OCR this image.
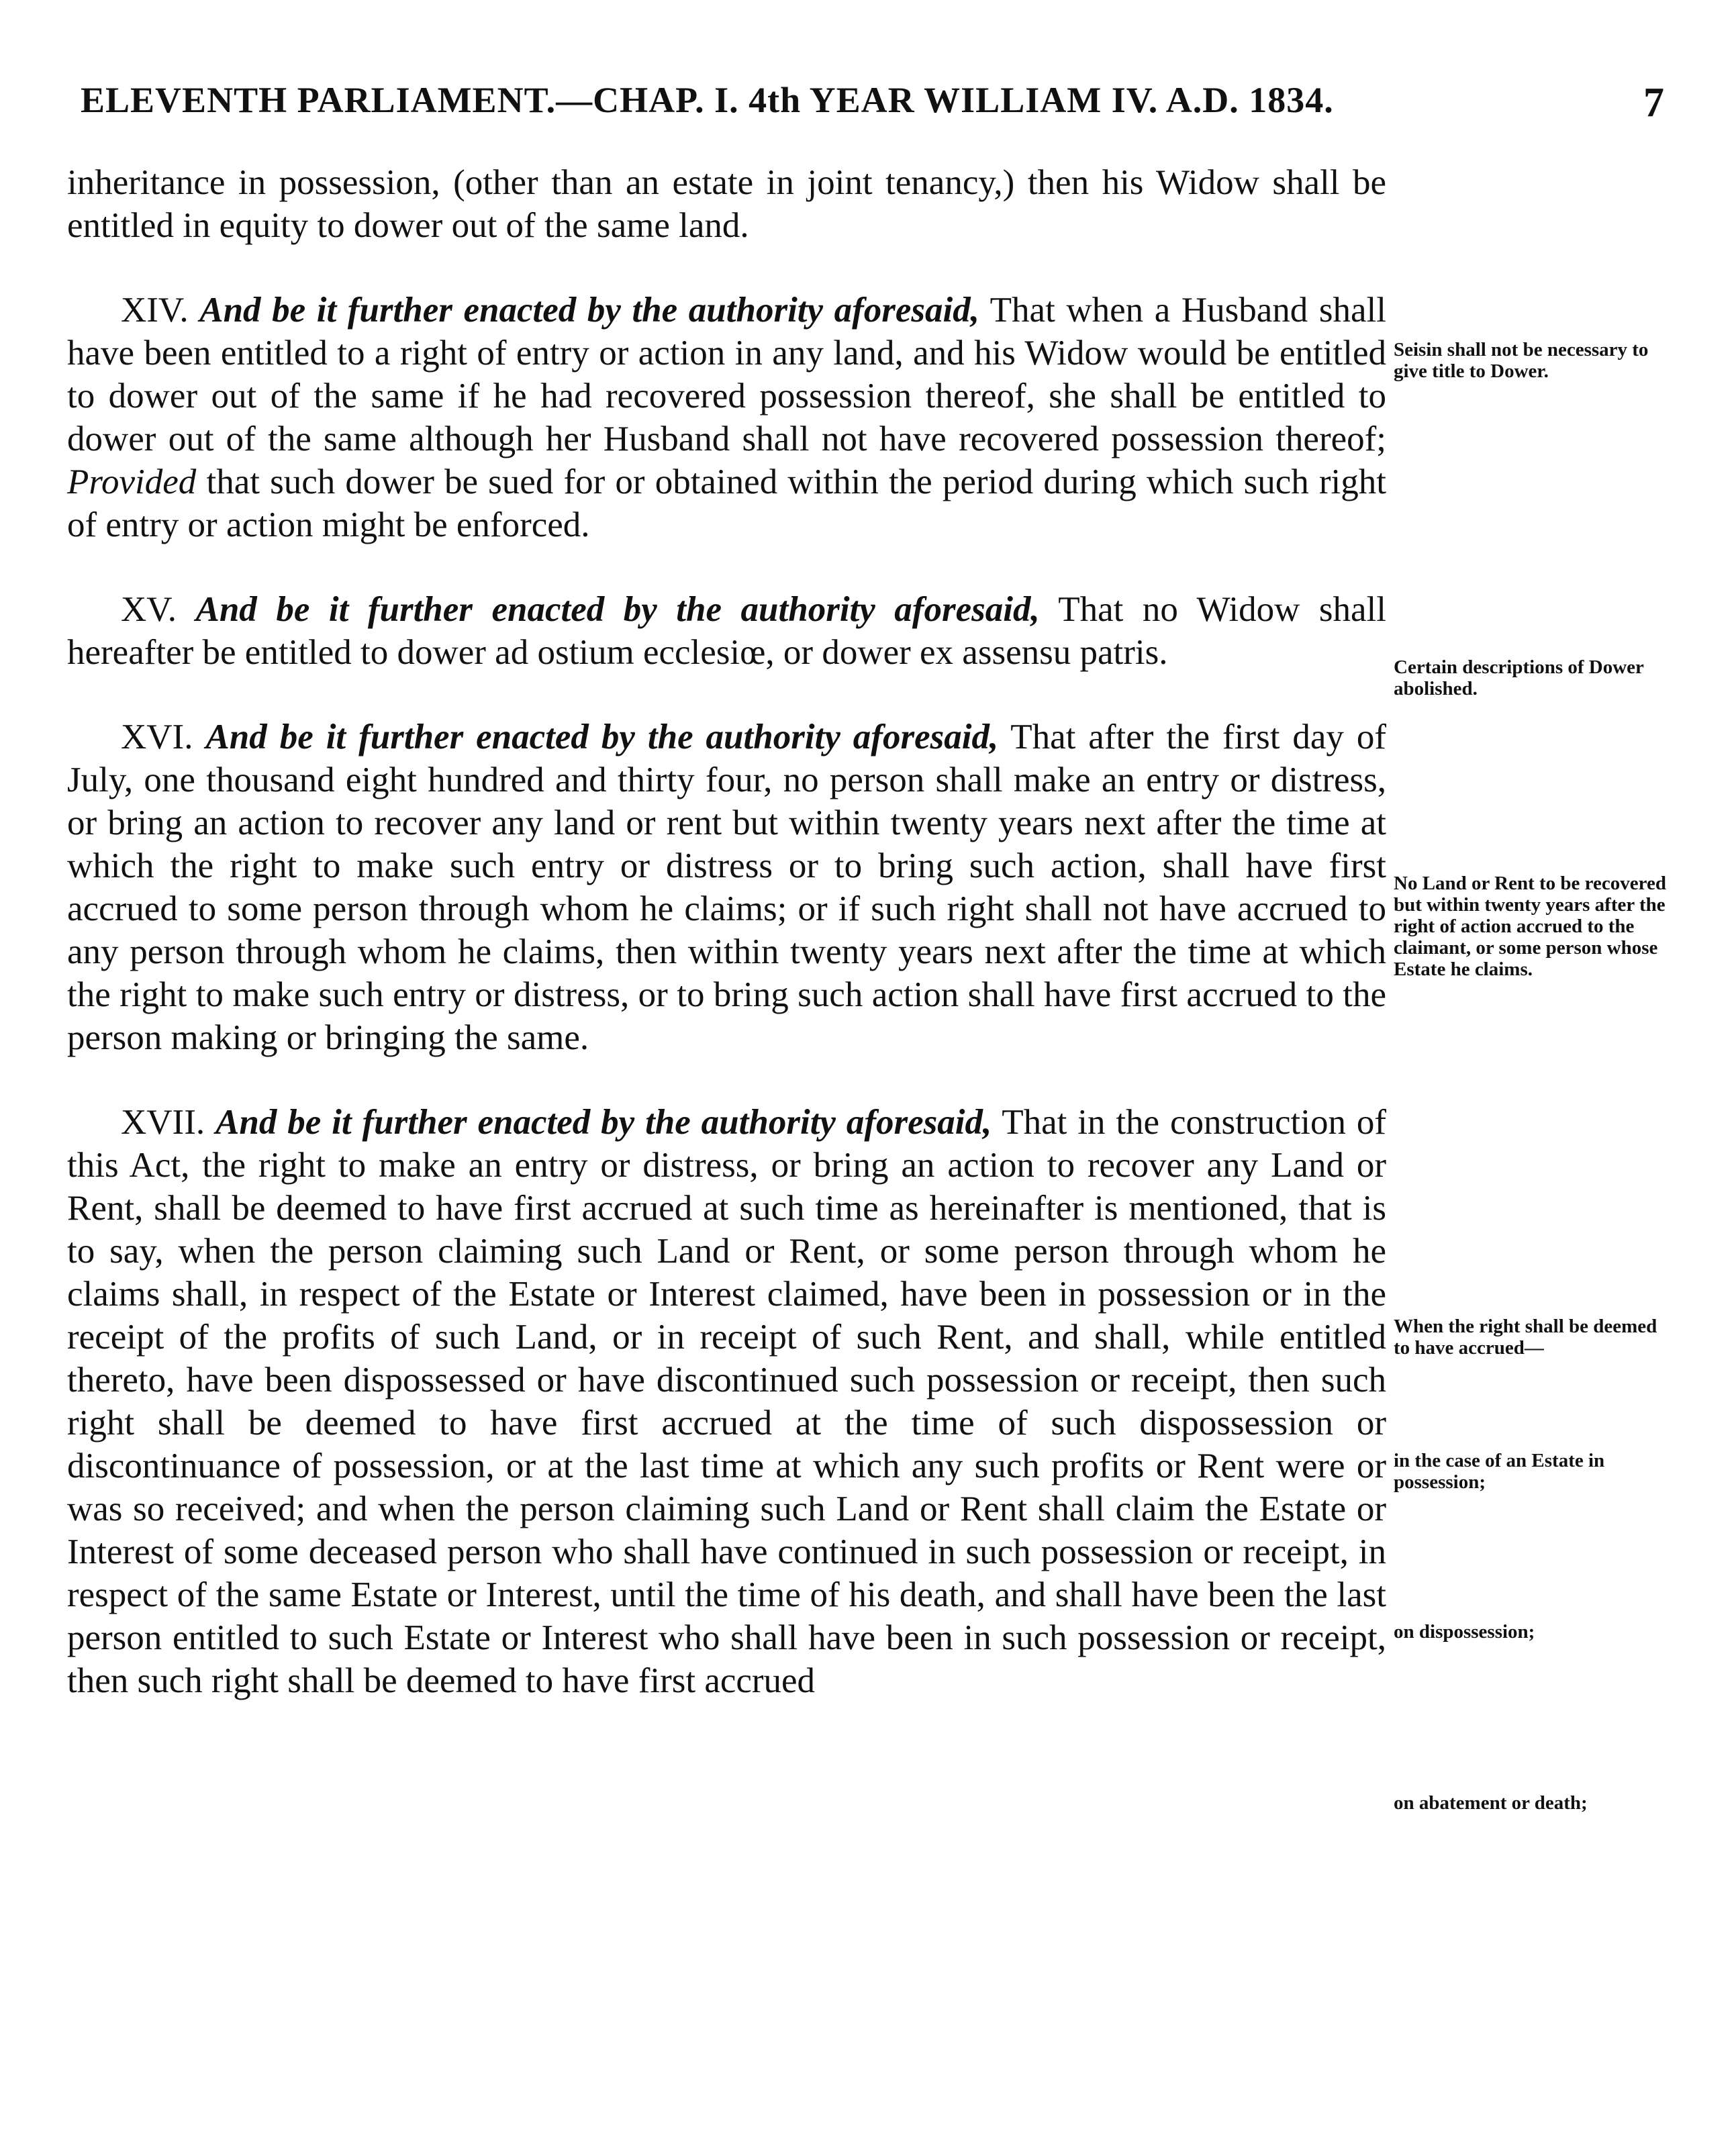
ELEVENTH PARLIAMENT.—CHAP. I. 4th YEAR WILLIAM IV. A.D. 1834.	7

inheritance in possession, (other than an estate in joint tenancy,) then his Widow shall be entitled in equity to dower out of the same land.

XIV. And be it further enacted by the authority aforesaid, That when a Husband shall have been entitled to a right of entry or action in any land, and his Widow would be entitled to dower out of the same if he had recovered possession thereof, she shall be entitled to dower out of the same although her Husband shall not have recovered possession thereof; Provided that such dower be sued for or obtained within the period during which such right of entry or action might be enforced.

XV. And be it further enacted by the authority aforesaid, That no Widow shall hereafter be entitled to dower ad ostium ecclesiœ, or dower ex assensu patris.

XVI. And be it further enacted by the authority aforesaid, That after the first day of July, one thousand eight hundred and thirty four, no person shall make an entry or distress, or bring an action to recover any land or rent but within twenty years next after the time at which the right to make such entry or distress or to bring such action, shall have first accrued to some person through whom he claims; or if such right shall not have accrued to any person through whom he claims, then within twenty years next after the time at which the right to make such entry or distress, or to bring such action shall have first accrued to the person making or bringing the same.

XVII. And be it further enacted by the authority aforesaid, That in the construction of this Act, the right to make an entry or distress, or bring an action to recover any Land or Rent, shall be deemed to have first accrued at such time as hereinafter is mentioned, that is to say, when the person claiming such Land or Rent, or some person through whom he claims shall, in respect of the Estate or Interest claimed, have been in possession or in the receipt of the profits of such Land, or in receipt of such Rent, and shall, while entitled thereto, have been dispossessed or have discontinued such possession or receipt, then such right shall be deemed to have first accrued at the time of such dispossession or discontinuance of possession, or at the last time at which any such profits or Rent were or was so received; and when the person claiming such Land or Rent shall claim the Estate or Interest of some deceased person who shall have continued in such possession or receipt, in respect of the same Estate or Interest, until the time of his death, and shall have been the last person entitled to such Estate or Interest who shall have been in such possession or receipt, then such right shall be deemed to have first accrued

Seisin shall not be necessary to give title to Dower.
Certain descriptions of Dower abolished.
No Land or Rent to be recovered but within twenty years after the right of action accrued to the claimant, or some person whose Estate he claims.
When the right shall be deemed to have accrued—
in the case of an Estate in possession;
on dispossession;
on abatement or death;
